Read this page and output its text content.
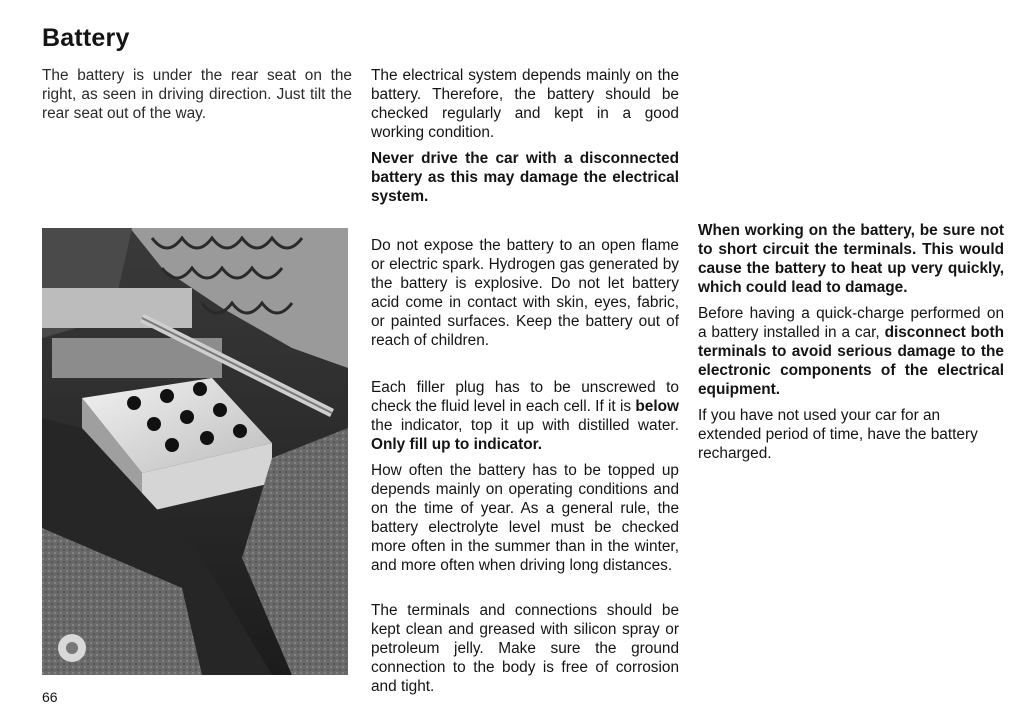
Battery

The battery is under the rear seat on the right, as seen in driving direction. Just tilt the rear seat out of the way.

The electrical system depends mainly on the battery. Therefore, the battery should be checked regularly and kept in a good working condition.

Never drive the car with a disconnected battery as this may damage the electrical system.

Do not expose the battery to an open flame or electric spark. Hydrogen gas generated by the battery is explosive. Do not let battery acid come in contact with skin, eyes, fabric, or painted surfaces. Keep the battery out of reach of children.

Each filler plug has to be unscrewed to check the fluid level in each cell. If it is below the indicator, top it up with distilled water. Only fill up to indicator.

How often the battery has to be topped up depends mainly on operating conditions and on the time of year. As a general rule, the battery electrolyte level must be checked more often in the summer than in the winter, and more often when driving long distances.

The terminals and connections should be kept clean and greased with silicon spray or petroleum jelly. Make sure the ground connection to the body is free of corrosion and tight.

When working on the battery, be sure not to short circuit the terminals. This would cause the battery to heat up very quickly, which could lead to damage.

Before having a quick-charge performed on a battery installed in a car, disconnect both terminals to avoid serious damage to the electronic components of the electrical equipment.

If you have not used your car for an extended period of time, have the battery recharged.

66
